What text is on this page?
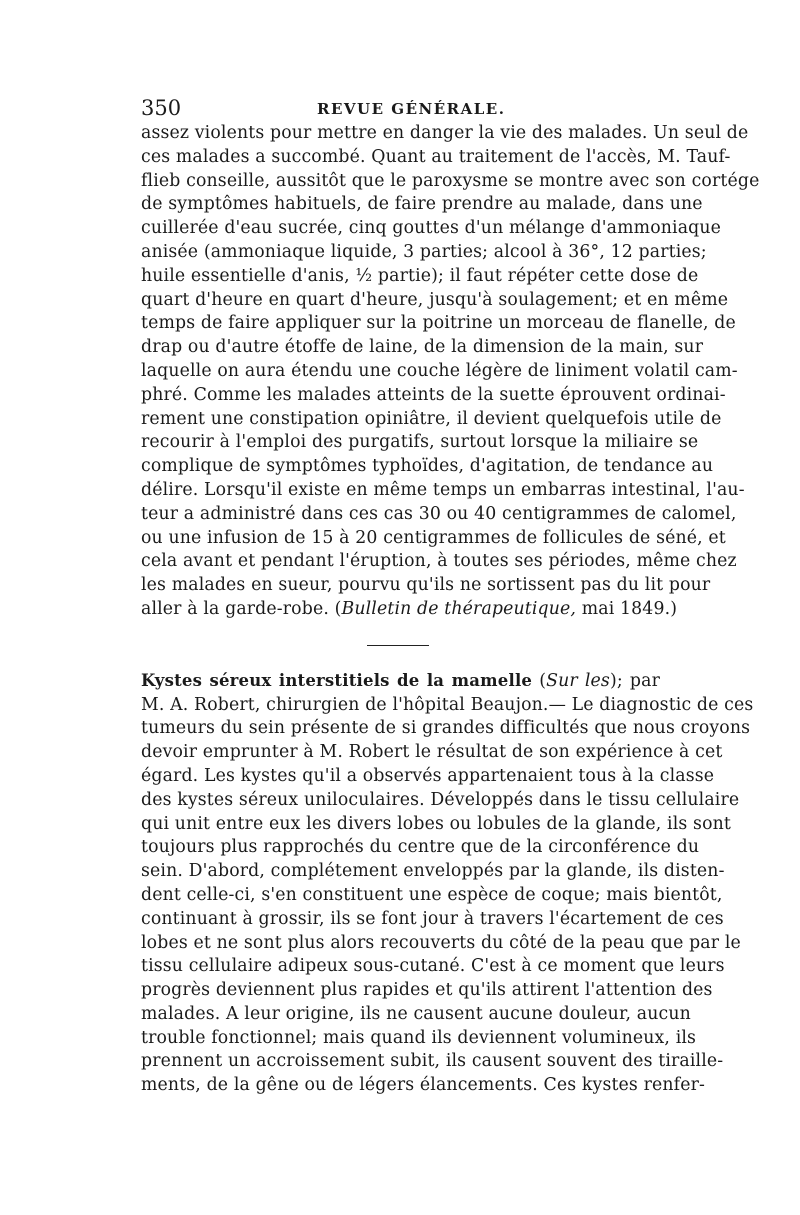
350	REVUE GÉNÉRALE.

assez violents pour mettre en danger la vie des malades. Un seul de
ces malades a succombé. Quant au traitement de l'accès, M. Tauf-
flieb conseille, aussitôt que le paroxysme se montre avec son cortége
de symptômes habituels, de faire prendre au malade, dans une
cuillerée d'eau sucrée, cinq gouttes d'un mélange d'ammoniaque
anisée (ammoniaque liquide, 3 parties; alcool à 36°, 12 parties;
huile essentielle d'anis, ½ partie); il faut répéter cette dose de
quart d'heure en quart d'heure, jusqu'à soulagement; et en même
temps de faire appliquer sur la poitrine un morceau de flanelle, de
drap ou d'autre étoffe de laine, de la dimension de la main, sur
laquelle on aura étendu une couche légère de liniment volatil cam-
phré. Comme les malades atteints de la suette éprouvent ordinai-
rement une constipation opiniâtre, il devient quelquefois utile de
recourir à l'emploi des purgatifs, surtout lorsque la miliaire se
complique de symptômes typhoïdes, d'agitation, de tendance au
délire. Lorsqu'il existe en même temps un embarras intestinal, l'au-
teur a administré dans ces cas 30 ou 40 centigrammes de calomel,
ou une infusion de 15 à 20 centigrammes de follicules de séné, et
cela avant et pendant l'éruption, à toutes ses périodes, même chez
les malades en sueur, pourvu qu'ils ne sortissent pas du lit pour
aller à la garde-robe. (Bulletin de thérapeutique, mai 1849.)

Kystes séreux interstitiels de la mamelle (Sur les); par
M. A. Robert, chirurgien de l'hôpital Beaujon.— Le diagnostic de ces
tumeurs du sein présente de si grandes difficultés que nous croyons
devoir emprunter à M. Robert le résultat de son expérience à cet
égard. Les kystes qu'il a observés appartenaient tous à la classe
des kystes séreux uniloculaires. Développés dans le tissu cellulaire
qui unit entre eux les divers lobes ou lobules de la glande, ils sont
toujours plus rapprochés du centre que de la circonférence du
sein. D'abord, complétement enveloppés par la glande, ils disten-
dent celle-ci, s'en constituent une espèce de coque; mais bientôt,
continuant à grossir, ils se font jour à travers l'écartement de ces
lobes et ne sont plus alors recouverts du côté de la peau que par le
tissu cellulaire adipeux sous-cutané. C'est à ce moment que leurs
progrès deviennent plus rapides et qu'ils attirent l'attention des
malades. A leur origine, ils ne causent aucune douleur, aucun
trouble fonctionnel; mais quand ils deviennent volumineux, ils
prennent un accroissement subit, ils causent souvent des tiraille-
ments, de la gêne ou de légers élancements. Ces kystes renfer-
